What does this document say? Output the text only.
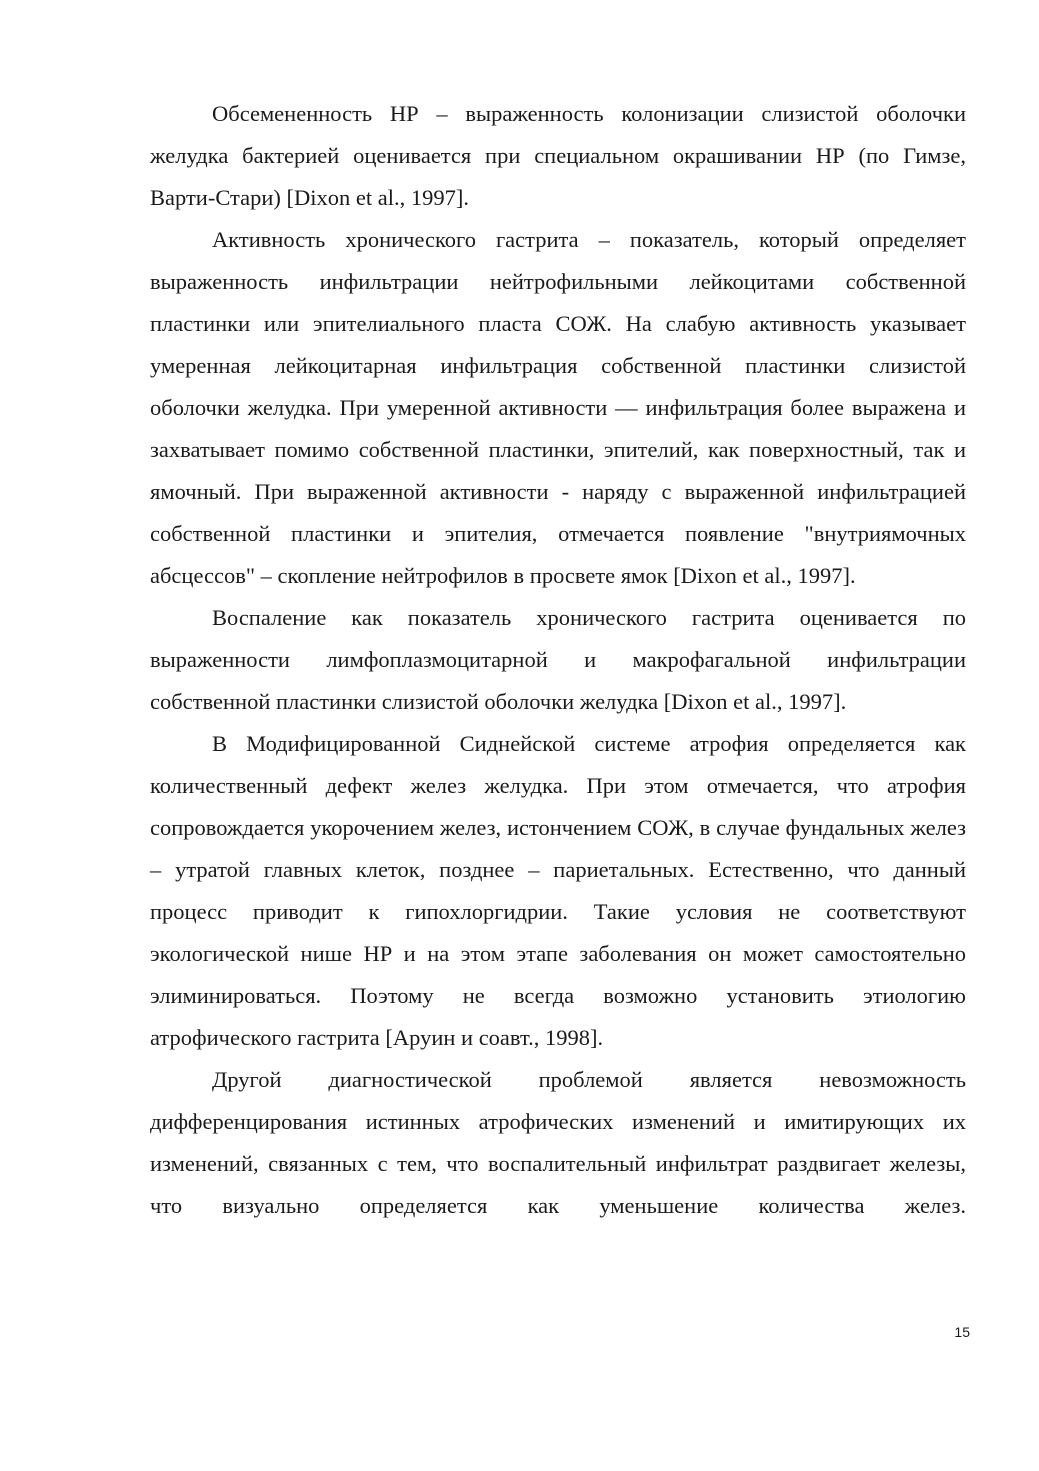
Обсемененность НР – выраженность колонизации слизистой оболочки желудка бактерией оценивается при специальном окрашивании НР (по Гимзе, Варти-Стари) [Dixon et al., 1997].

Активность хронического гастрита – показатель, который определяет выраженность инфильтрации нейтрофильными лейкоцитами собственной пластинки или эпителиального пласта СОЖ. На слабую активность указывает умеренная лейкоцитарная инфильтрация собственной пластинки слизистой оболочки желудка. При умеренной активности — инфильтрация более выражена и захватывает помимо собственной пластинки, эпителий, как поверхностный, так и ямочный. При выраженной активности - наряду с выраженной инфильтрацией собственной пластинки и эпителия, отмечается появление "внутриямочных абсцессов" – скопление нейтрофилов в просвете ямок [Dixon et al., 1997].

Воспаление как показатель хронического гастрита оценивается по выраженности лимфоплазмоцитарной и макрофагальной инфильтрации собственной пластинки слизистой оболочки желудка [Dixon et al., 1997].

В Модифицированной Сиднейской системе атрофия определяется как количественный дефект желез желудка. При этом отмечается, что атрофия сопровождается укорочением желез, истончением СОЖ, в случае фундальных желез – утратой главных клеток, позднее – париетальных. Естественно, что данный процесс приводит к гипохлоргидрии. Такие условия не соответствуют экологической нише НР и на этом этапе заболевания он может самостоятельно элиминироваться. Поэтому не всегда возможно установить этиологию атрофического гастрита [Аруин и соавт., 1998].

Другой диагностической проблемой является невозможность дифференцирования истинных атрофических изменений и имитирующих их изменений, связанных с тем, что воспалительный инфильтрат раздвигает железы, что визуально определяется как уменьшение количества желез.

15
